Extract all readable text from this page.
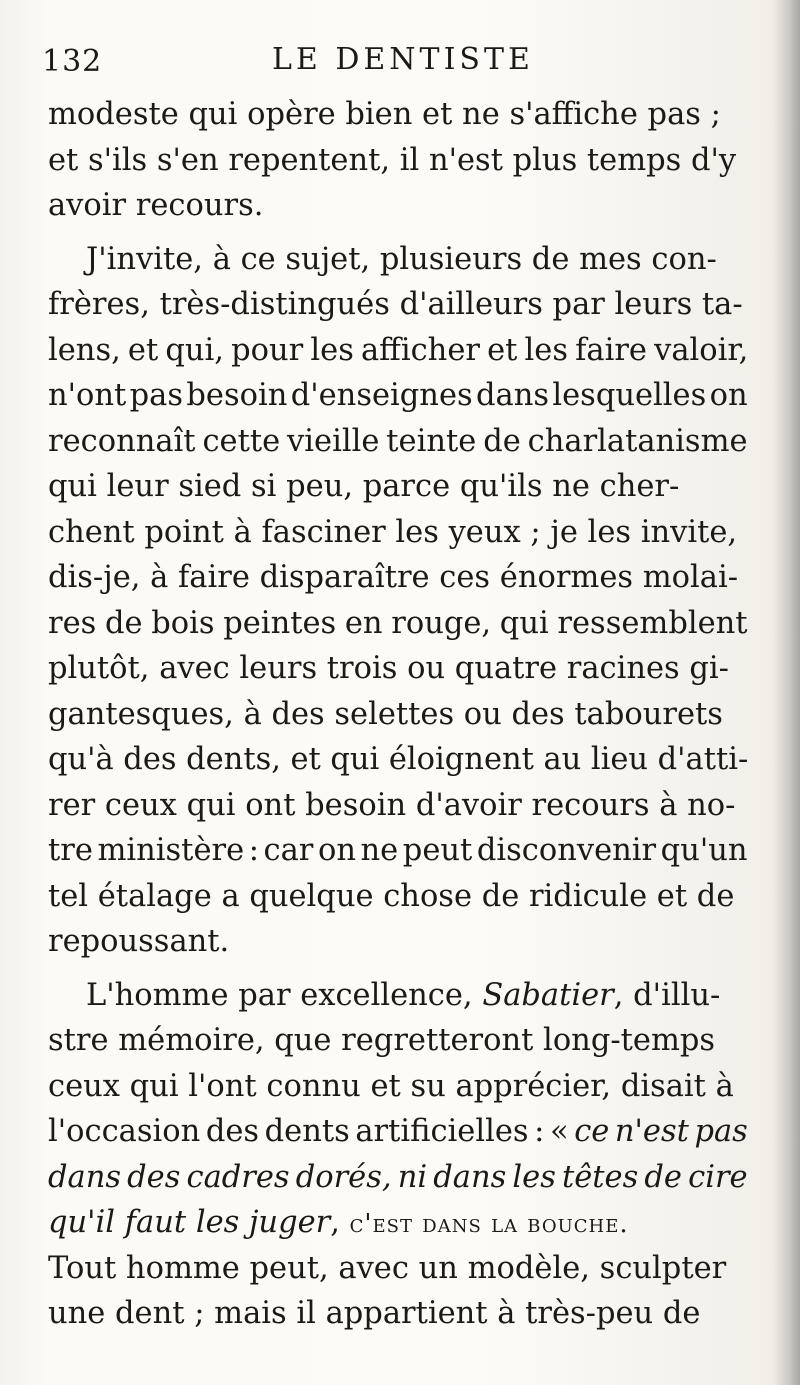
132	LE DENTISTE
modeste qui opère bien et ne s'affiche pas ;
et s'ils s'en repentent, il n'est plus temps d'y
avoir recours.
J'invite, à ce sujet, plusieurs de mes con-
frères, très-distingués d'ailleurs par leurs ta-
lens, et qui, pour les afficher et les faire valoir,
n'ont pas besoin d'enseignes dans lesquelles on
reconnaît cette vieille teinte de charlatanisme
qui leur sied si peu, parce qu'ils ne cher-
chent point à fasciner les yeux ; je les invite,
dis-je, à faire disparaître ces énormes molai-
res de bois peintes en rouge, qui ressemblent
plutôt, avec leurs trois ou quatre racines gi-
gantesques, à des selettes ou des tabourets
qu'à des dents, et qui éloignent au lieu d'atti-
rer ceux qui ont besoin d'avoir recours à no-
tre ministère : car on ne peut disconvenir qu'un
tel étalage a quelque chose de ridicule et de
repoussant.
L'homme par excellence, Sabatier, d'illu-
stre mémoire, que regretteront long-temps
ceux qui l'ont connu et su apprécier, disait à
l'occasion des dents artificielles : « ce n'est pas
dans des cadres dorés, ni dans les têtes de cire
qu'il faut les juger, c'est dans la bouche.
Tout homme peut, avec un modèle, sculpter
une dent ; mais il appartient à très-peu de
